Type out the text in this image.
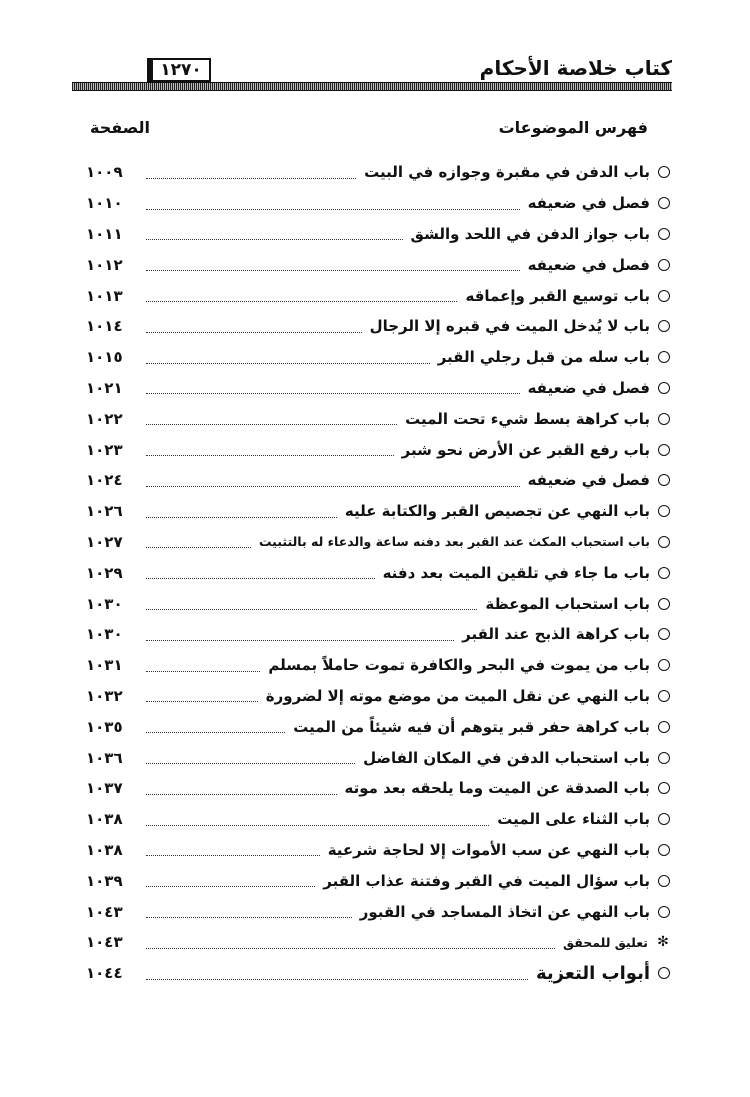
كتاب خلاصة الأحكام
١٢٧٠
فهرس الموضوعات
الصفحة
باب الدفن في مقبرة وجوازه في البيت
١٠٠٩
فصل في ضعيفه
١٠١٠
باب جواز الدفن في اللحد والشق
١٠١١
فصل في ضعيفه
١٠١٢
باب توسيع القبر وإعماقه
١٠١٣
باب لا يُدخل الميت في قبره إلا الرجال
١٠١٤
باب سله من قبل رجلي القبر
١٠١٥
فصل في ضعيفه
١٠٢١
باب كراهة بسط شيء تحت الميت
١٠٢٢
باب رفع القبر عن الأرض نحو شبر
١٠٢٣
فصل في ضعيفه
١٠٢٤
باب النهي عن تجصيص القبر والكتابة عليه
١٠٢٦
باب استحباب المكث عند القبر بعد دفنه ساعة والدعاء له بالتثبيت
١٠٢٧
باب ما جاء في تلقين الميت بعد دفنه
١٠٢٩
باب استحباب الموعظة
١٠٣٠
باب كراهة الذبح عند القبر
١٠٣٠
باب من يموت في البحر والكافرة تموت حاملاً بمسلم
١٠٣١
باب النهي عن نقل الميت من موضع موته إلا لضرورة
١٠٣٢
باب كراهة حفر قبر يتوهم أن فيه شيئاً من الميت
١٠٣٥
باب استحباب الدفن في المكان الفاضل
١٠٣٦
باب الصدقة عن الميت وما يلحقه بعد موته
١٠٣٧
باب الثناء على الميت
١٠٣٨
باب النهي عن سب الأموات إلا لحاجة شرعية
١٠٣٨
باب سؤال الميت في القبر وفتنة عذاب القبر
١٠٣٩
باب النهي عن اتخاذ المساجد في القبور
١٠٤٣
✻
تعليق للمحقق
١٠٤٣
أبواب التعزية
١٠٤٤
